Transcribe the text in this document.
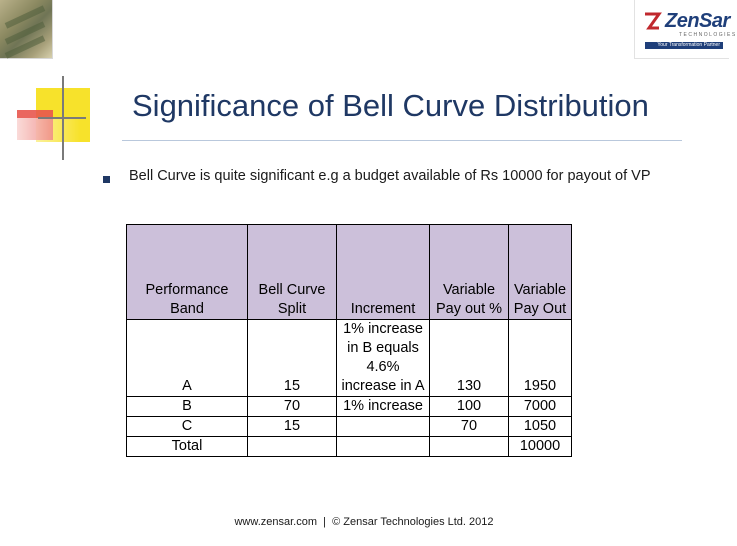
ZenSar
TECHNOLOGIES
Your Transformation Partner
Significance of Bell Curve Distribution
Bell Curve is quite significant e.g a budget available of Rs 10000 for payout of VP
Performance Band	Bell Curve Split	Increment	Variable Pay out %	Variable Pay Out
A	15	1% increase in B equals 4.6% increase in A	130	1950
B	70	1% increase	100	7000
C	15		70	1050
Total				10000
www.zensar.com | © Zensar Technologies Ltd. 2012
